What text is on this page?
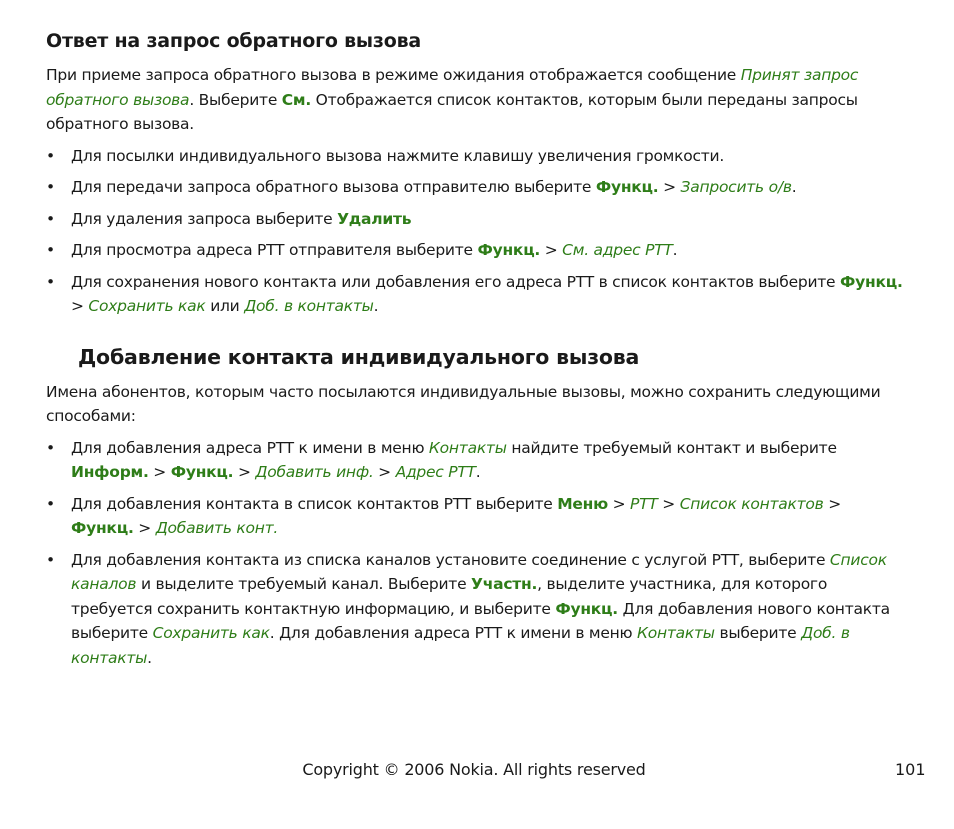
Ответ на запрос обратного вызова

При приеме запроса обратного вызова в режиме ожидания отображается сообщение Принят запрос обратного вызова. Выберите См. Отображается список контактов, которым были переданы запросы обратного вызова.

• Для посылки индивидуального вызова нажмите клавишу увеличения громкости.
• Для передачи запроса обратного вызова отправителю выберите Функц. > Запросить о/в.
• Для удаления запроса выберите Удалить
• Для просмотра адреса PTT отправителя выберите Функц. > См. адрес PTT.
• Для сохранения нового контакта или добавления его адреса PTT в список контактов выберите Функц. > Сохранить как или Доб. в контакты.
Добавление контакта индивидуального вызова

Имена абонентов, которым часто посылаются индивидуальные вызовы, можно сохранить следующими способами:

• Для добавления адреса PTT к имени в меню Контакты найдите требуемый контакт и выберите Информ. > Функц. > Добавить инф. > Адрес PTT.
• Для добавления контакта в список контактов PTT выберите Меню > PTT > Список контактов > Функц. > Добавить конт.
• Для добавления контакта из списка каналов установите соединение с услугой PTT, выберите Список каналов и выделите требуемый канал. Выберите Участн., выделите участника, для которого требуется сохранить контактную информацию, и выберите Функц. Для добавления нового контакта выберите Сохранить как. Для добавления адреса PTT к имени в меню Контакты выберите Доб. в контакты.
Copyright © 2006 Nokia. All rights reserved	101
